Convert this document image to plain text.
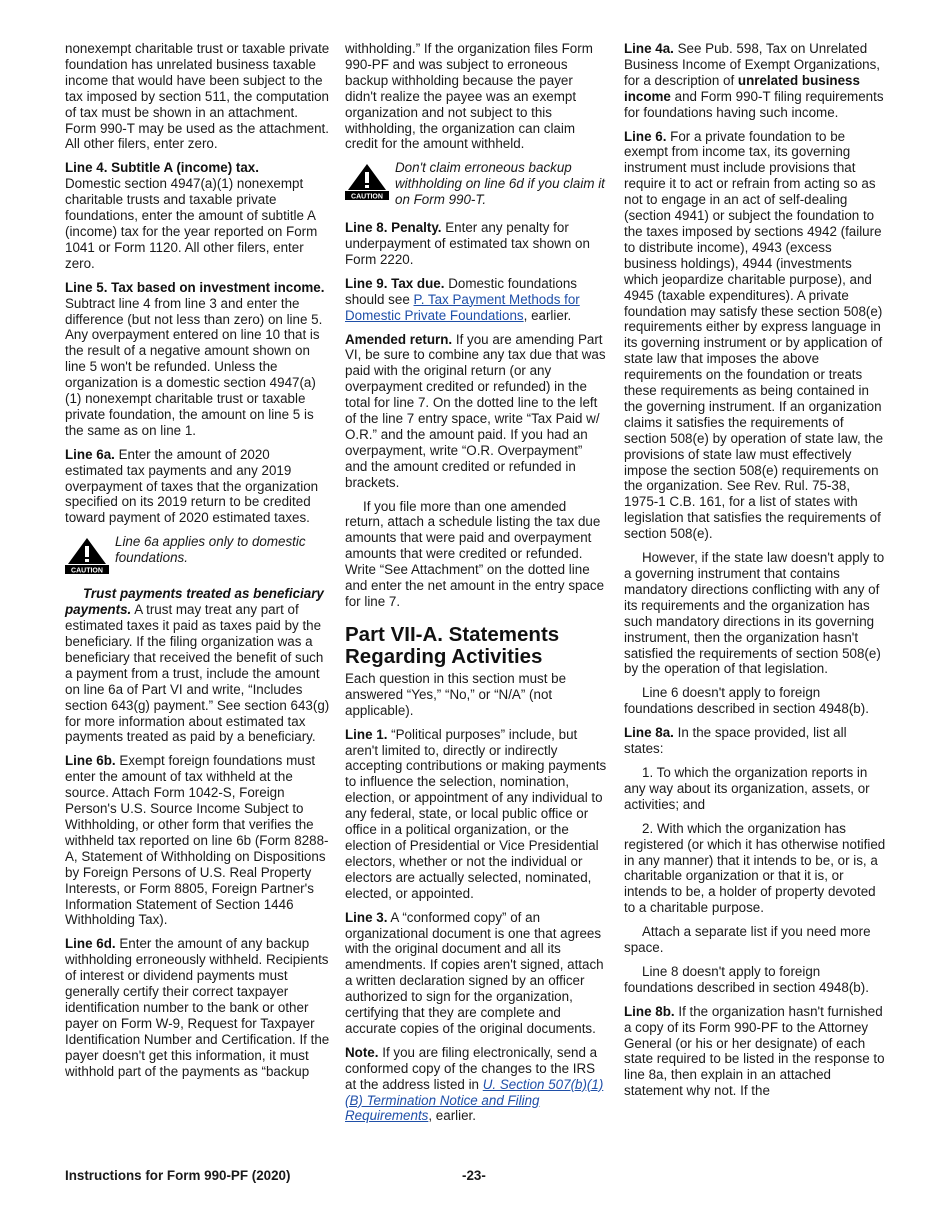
nonexempt charitable trust or taxable private foundation has unrelated business taxable income that would have been subject to the tax imposed by section 511, the computation of tax must be shown in an attachment. Form 990-T may be used as the attachment. All other filers, enter zero.

Line 4. Subtitle A (income) tax.
Domestic section 4947(a)(1) nonexempt charitable trusts and taxable private foundations, enter the amount of subtitle A (income) tax for the year reported on Form 1041 or Form 1120. All other filers, enter zero.

Line 5. Tax based on investment income. Subtract line 4 from line 3 and enter the difference (but not less than zero) on line 5. Any overpayment entered on line 10 that is the result of a negative amount shown on line 5 won't be refunded. Unless the organization is a domestic section 4947(a)(1) nonexempt charitable trust or taxable private foundation, the amount on line 5 is the same as on line 1.

Line 6a. Enter the amount of 2020 estimated tax payments and any 2019 overpayment of taxes that the organization specified on its 2019 return to be credited toward payment of 2020 estimated taxes.

CAUTION
Line 6a applies only to domestic foundations.

Trust payments treated as beneficiary payments. A trust may treat any part of estimated taxes it paid as taxes paid by the beneficiary. If the filing organization was a beneficiary that received the benefit of such a payment from a trust, include the amount on line 6a of Part VI and write, “Includes section 643(g) payment.” See section 643(g) for more information about estimated tax payments treated as paid by a beneficiary.

Line 6b. Exempt foreign foundations must enter the amount of tax withheld at the source. Attach Form 1042-S, Foreign Person's U.S. Source Income Subject to Withholding, or other form that verifies the withheld tax reported on line 6b (Form 8288-A, Statement of Withholding on Dispositions by Foreign Persons of U.S. Real Property Interests, or Form 8805, Foreign Partner's Information Statement of Section 1446 Withholding Tax).

Line 6d. Enter the amount of any backup withholding erroneously withheld. Recipients of interest or dividend payments must generally certify their correct taxpayer identification number to the bank or other payer on Form W-9, Request for Taxpayer Identification Number and Certification. If the payer doesn't get this information, it must withhold part of the payments as “backup

withholding.” If the organization files Form 990-PF and was subject to erroneous backup withholding because the payer didn't realize the payee was an exempt organization and not subject to this withholding, the organization can claim credit for the amount withheld.

CAUTION
Don't claim erroneous backup withholding on line 6d if you claim it on Form 990-T.

Line 8. Penalty. Enter any penalty for underpayment of estimated tax shown on Form 2220.

Line 9. Tax due. Domestic foundations should see P. Tax Payment Methods for Domestic Private Foundations, earlier.

Amended return. If you are amending Part VI, be sure to combine any tax due that was paid with the original return (or any overpayment credited or refunded) in the total for line 7. On the dotted line to the left of the line 7 entry space, write “Tax Paid w/ O.R.” and the amount paid. If you had an overpayment, write “O.R. Overpayment” and the amount credited or refunded in brackets.

If you file more than one amended return, attach a schedule listing the tax due amounts that were paid and overpayment amounts that were credited or refunded. Write “See Attachment” on the dotted line and enter the net amount in the entry space for line 7.

Part VII-A. Statements Regarding Activities

Each question in this section must be answered “Yes,” “No,” or “N/A” (not applicable).

Line 1. “Political purposes” include, but aren't limited to, directly or indirectly accepting contributions or making payments to influence the selection, nomination, election, or appointment of any individual to any federal, state, or local public office or office in a political organization, or the election of Presidential or Vice Presidential electors, whether or not the individual or electors are actually selected, nominated, elected, or appointed.

Line 3. A “conformed copy” of an organizational document is one that agrees with the original document and all its amendments. If copies aren't signed, attach a written declaration signed by an officer authorized to sign for the organization, certifying that they are complete and accurate copies of the original documents.

Note. If you are filing electronically, send a conformed copy of the changes to the IRS at the address listed in U. Section 507(b)(1)(B) Termination Notice and Filing Requirements, earlier.

Line 4a. See Pub. 598, Tax on Unrelated Business Income of Exempt Organizations, for a description of unrelated business income and Form 990-T filing requirements for foundations having such income.

Line 6. For a private foundation to be exempt from income tax, its governing instrument must include provisions that require it to act or refrain from acting so as not to engage in an act of self-dealing (section 4941) or subject the foundation to the taxes imposed by sections 4942 (failure to distribute income), 4943 (excess business holdings), 4944 (investments which jeopardize charitable purpose), and 4945 (taxable expenditures). A private foundation may satisfy these section 508(e) requirements either by express language in its governing instrument or by application of state law that imposes the above requirements on the foundation or treats these requirements as being contained in the governing instrument. If an organization claims it satisfies the requirements of section 508(e) by operation of state law, the provisions of state law must effectively impose the section 508(e) requirements on the organization. See Rev. Rul. 75-38, 1975-1 C.B. 161, for a list of states with legislation that satisfies the requirements of section 508(e).

However, if the state law doesn't apply to a governing instrument that contains mandatory directions conflicting with any of its requirements and the organization has such mandatory directions in its governing instrument, then the organization hasn't satisfied the requirements of section 508(e) by the operation of that legislation.

Line 6 doesn't apply to foreign foundations described in section 4948(b).

Line 8a. In the space provided, list all states:

1. To which the organization reports in any way about its organization, assets, or activities; and

2. With which the organization has registered (or which it has otherwise notified in any manner) that it intends to be, or is, a charitable organization or that it is, or intends to be, a holder of property devoted to a charitable purpose.

Attach a separate list if you need more space.

Line 8 doesn't apply to foreign foundations described in section 4948(b).

Line 8b. If the organization hasn't furnished a copy of its Form 990-PF to the Attorney General (or his or her designate) of each state required to be listed in the response to line 8a, then explain in an attached statement why not. If the

Instructions for Form 990-PF (2020)	-23-
